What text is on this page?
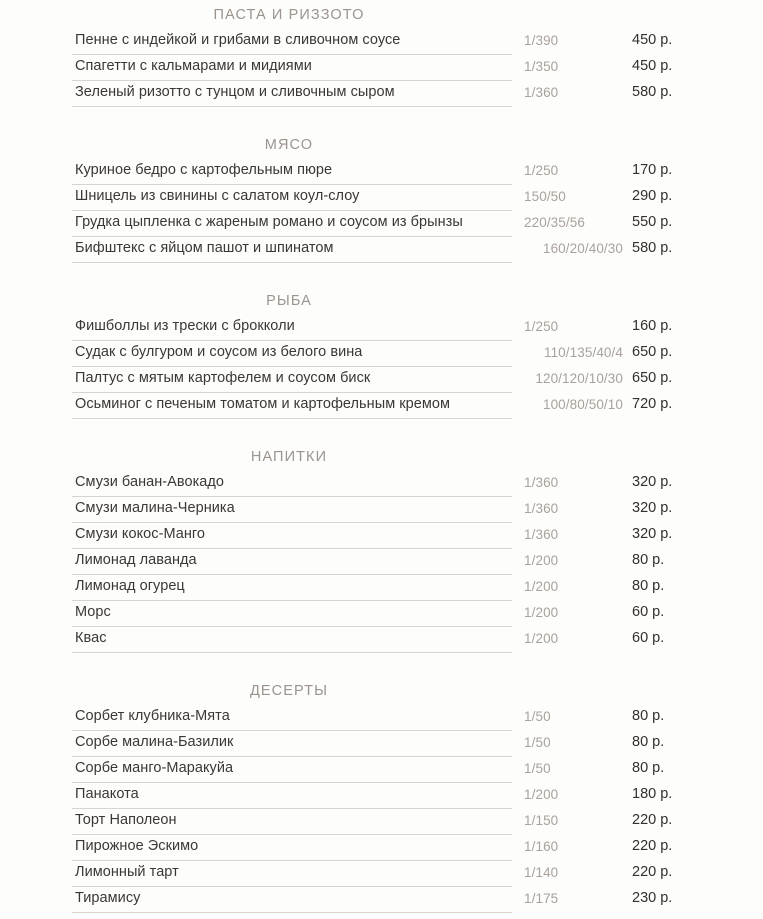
ПАСТА И РИЗЗОТО
Пенне с индейкой и грибами в сливочном соусе	1/390	450 р.
Спагетти с кальмарами и мидиями	1/350	450 р.
Зеленый ризотто с тунцом и сливочным сыром	1/360	580 р.
МЯСО
Куриное бедро с картофельным пюре	1/250	170 р.
Шницель из свинины с салатом коул-слоу	150/50	290 р.
Грудка цыпленка с жареным романо и соусом из брынзы	220/35/56	550 р.
Бифштекс с яйцом пашот и шпинатом	160/20/40/30 580 р.
РЫБА
Фишболлы из трески с брокколи	1/250	160 р.
Судак с булгуром и соусом из белого вина	110/135/40/4 650 р.
Палтус с мятым картофелем и соусом биск	120/120/10/30 650 р.
Осьминог с печеным томатом и картофельным кремом	100/80/50/10 720 р.
НАПИТКИ
Смузи банан-Авокадо	1/360	320 р.
Смузи малина-Черника	1/360	320 р.
Смузи кокос-Манго	1/360	320 р.
Лимонад лаванда	1/200	80 р.
Лимонад огурец	1/200	80 р.
Морс	1/200	60 р.
Квас	1/200	60 р.
ДЕСЕРТЫ
Сорбет клубника-Мята	1/50	80 р.
Сорбе малина-Базилик	1/50	80 р.
Сорбе манго-Маракуйа	1/50	80 р.
Панакота	1/200	180 р.
Торт Наполеон	1/150	220 р.
Пирожное Эскимо	1/160	220 р.
Лимонный тарт	1/140	220 р.
Тирамису	1/175	230 р.
